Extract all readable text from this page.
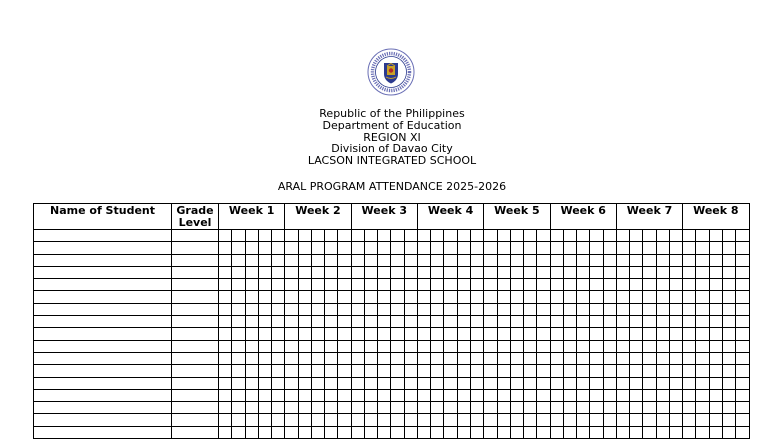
Republic of the Philippines
Department of Education
REGION XI
Division of Davao City
LACSON INTEGRATED SCHOOL
ARAL PROGRAM ATTENDANCE 2025-2026
Name of Student	Grade Level	Week 1					Week 2					Week 3					Week 4					Week 5					Week 6					Week 7					Week 8				
